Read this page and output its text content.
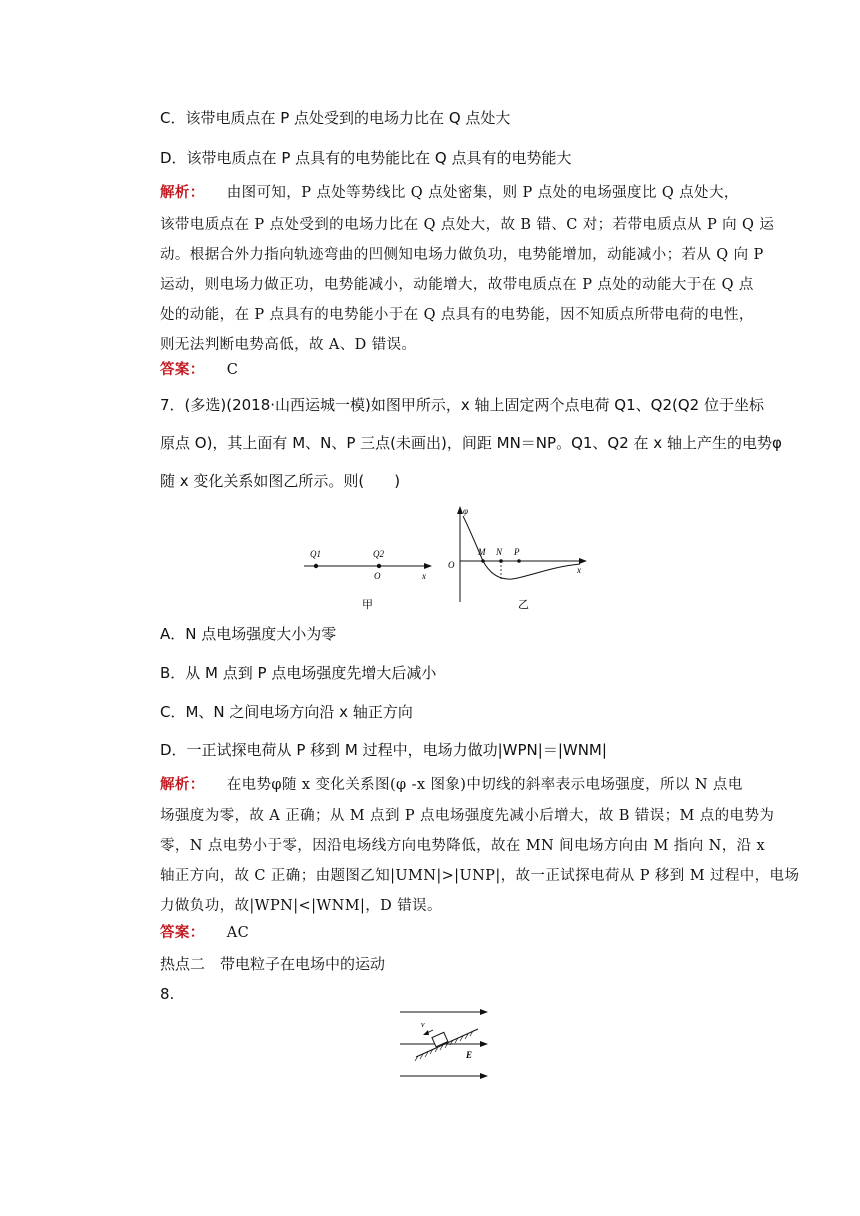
C．该带电质点在 P 点处受到的电场力比在 Q 点处大
D．该带电质点在 P 点具有的电势能比在 Q 点具有的电势能大
解析： 由图可知，P 点处等势线比 Q 点处密集，则 P 点处的电场强度比 Q 点处大，
该带电质点在 P 点处受到的电场力比在 Q 点处大，故 B 错、C 对；若带电质点从 P 向 Q 运
动。根据合外力指向轨迹弯曲的凹侧知电场力做负功，电势能增加，动能减小；若从 Q 向 P
运动，则电场力做正功，电势能减小，动能增大，故带电质点在 P 点处的动能大于在 Q 点
处的动能，在 P 点具有的电势能小于在 Q 点具有的电势能，因不知质点所带电荷的电性，
则无法判断电势高低，故 A、D 错误。
答案： C
7．(多选)(2018·山西运城一模)如图甲所示，x 轴上固定两个点电荷 Q1、Q2(Q2 位于坐标
原点 O)，其上面有 M、N、P 三点(未画出)，间距 MN＝NP。Q1、Q2 在 x 轴上产生的电势φ
随 x 变化关系如图乙所示。则(　　)
Q1	Q2
O	x
甲
φ
O
M N P
x
乙
A．N 点电场强度大小为零
B．从 M 点到 P 点电场强度先增大后减小
C．M、N 之间电场方向沿 x 轴正方向
D．一正试探电荷从 P 移到 M 过程中，电场力做功|WPN|＝|WNM|
解析： 在电势φ随 x 变化关系图(φ -x 图象)中切线的斜率表示电场强度，所以 N 点电
场强度为零，故 A 正确；从 M 点到 P 点电场强度先减小后增大，故 B 错误；M 点的电势为
零，N 点电势小于零，因沿电场线方向电势降低，故在 MN 间电场方向由 M 指向 N，沿 x
轴正方向，故 C 正确；由题图乙知|UMN|>|UNP|，故一正试探电荷从 P 移到 M 过程中，电场
力做负功，故|WPN|<|WNM|，D 错误。
答案： AC
热点二　带电粒子在电场中的运动
8.
v
E
